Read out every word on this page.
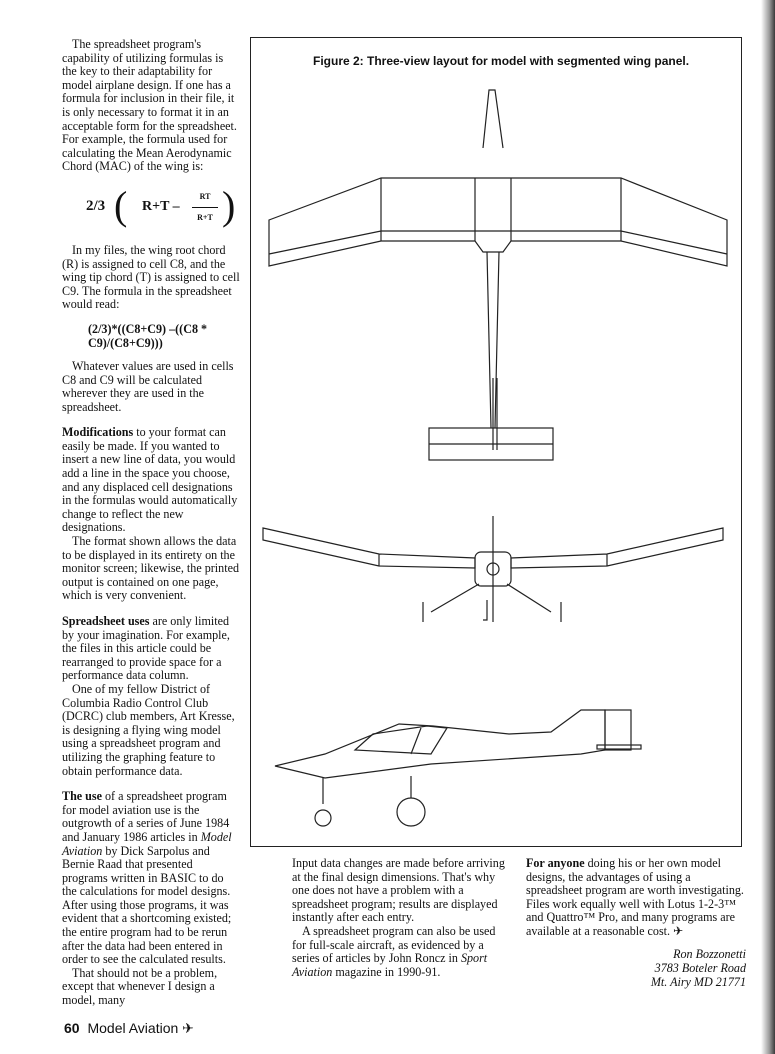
The spreadsheet program's capability of utilizing formulas is the key to their adaptability for model airplane design. If one has a formula for inclusion in their file, it is only necessary to format it in an acceptable form for the spreadsheet. For example, the formula used for calculating the Mean Aerodynamic Chord (MAC) of the wing is:

2/3 ( $R+T - \frac{RT}{R+T}$ )

In my files, the wing root chord (R) is assigned to cell C8, and the wing tip chord (T) is assigned to cell C9. The formula in the spreadsheet would read:

(2/3)*((C8+C9) –((C8 *
C9)/(C8+C9)))

Whatever values are used in cells C8 and C9 will be calculated wherever they are used in the spreadsheet.

Modifications to your format can easily be made. If you wanted to insert a new line of data, you would add a line in the space you choose, and any displaced cell designations in the formulas would automatically change to reflect the new designations.

The format shown allows the data to be displayed in its entirety on the monitor screen; likewise, the printed output is contained on one page, which is very convenient.

Spreadsheet uses are only limited by your imagination. For example, the files in this article could be rearranged to provide space for a performance data column.

One of my fellow District of Columbia Radio Control Club (DCRC) club members, Art Kresse, is designing a flying wing model using a spreadsheet program and utilizing the graphing feature to obtain performance data.

The use of a spreadsheet program for model aviation use is the outgrowth of a series of June 1984 and January 1986 articles in Model Aviation by Dick Sarpolus and Bernie Raad that presented programs written in BASIC to do the calculations for model designs. After using those programs, it was evident that a shortcoming existed; the entire program had to be rerun after the data had been entered in order to see the calculated results.

That should not be a problem, except that whenever I design a model, many

Figure 2: Three-view layout for model with segmented wing panel.

Input data changes are made before arriving at the final design dimensions. That's why one does not have a problem with a spreadsheet program; results are displayed instantly after each entry.

A spreadsheet program can also be used for full-scale aircraft, as evidenced by a series of articles by John Roncz in Sport Aviation magazine in 1990-91.

For anyone doing his or her own model designs, the advantages of using a spreadsheet program are worth investigating. Files work equally well with Lotus 1-2-3™ and Quattro™ Pro, and many programs are available at a reasonable cost. ✈

Ron Bozzonetti
3783 Boteler Road
Mt. Airy MD 21771
60 Model Aviation ✈
